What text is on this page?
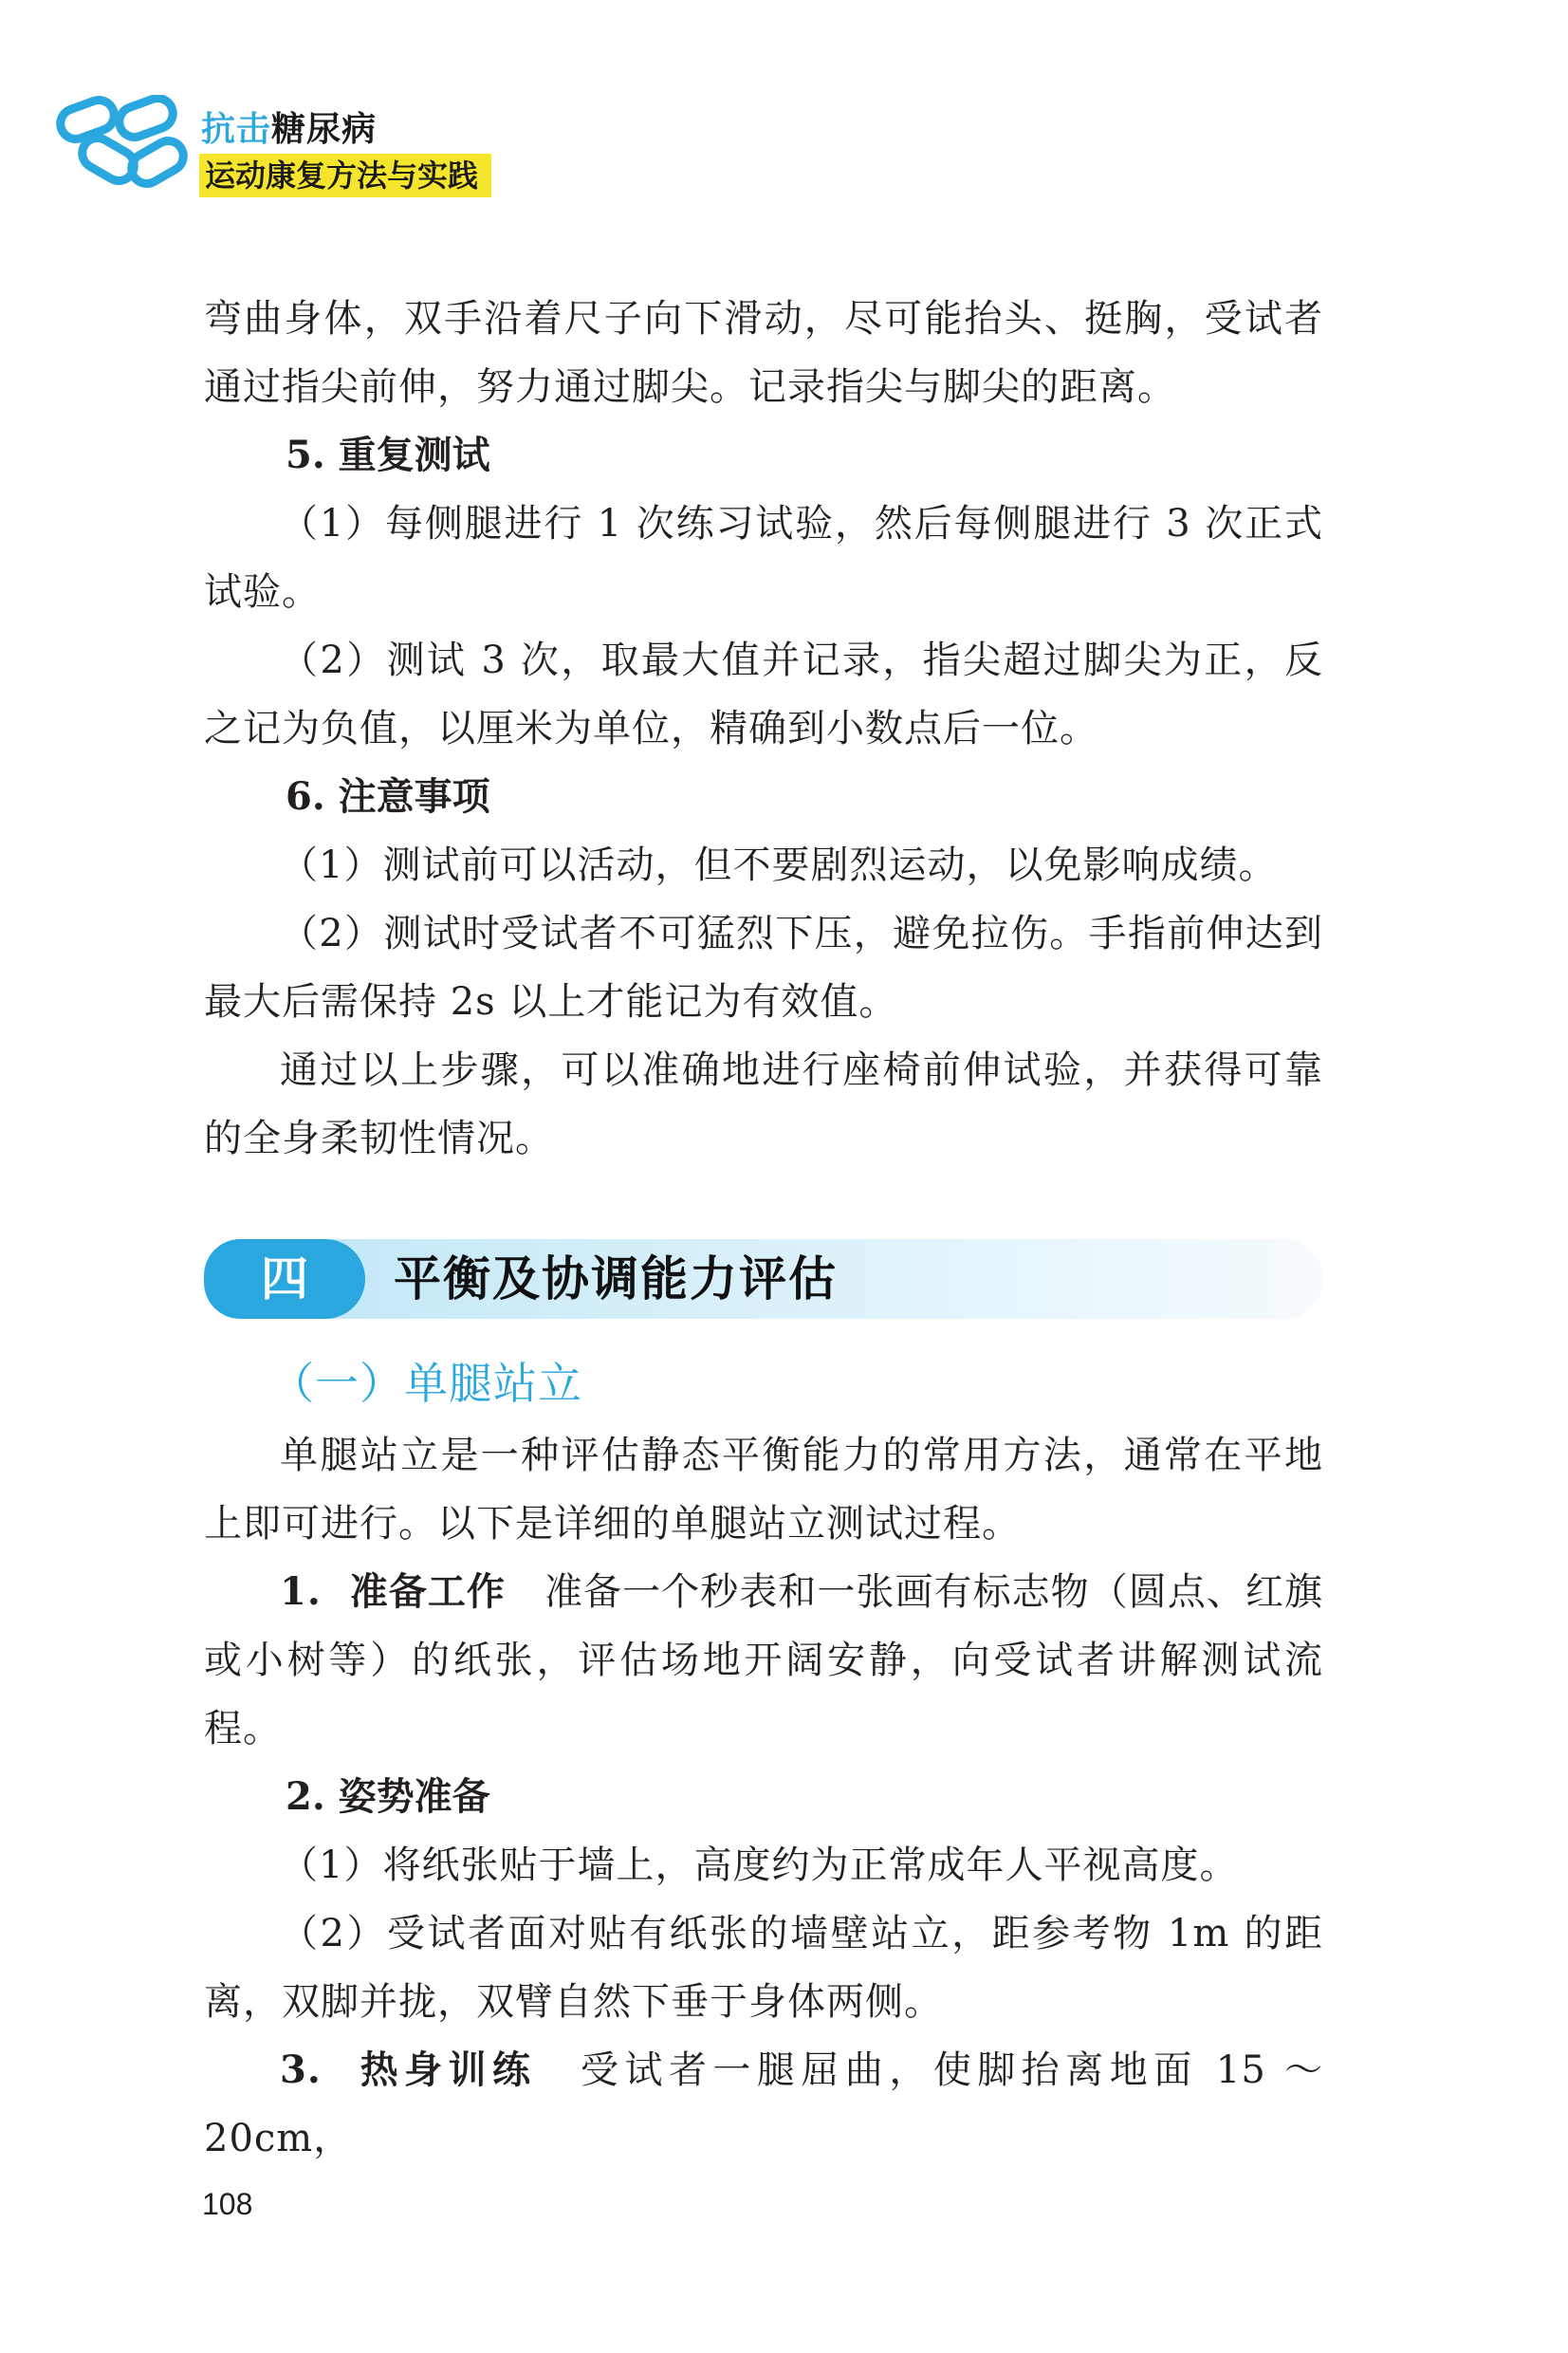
抗击糖尿病
运动康复方法与实践

弯曲身体，双手沿着尺子向下滑动，尽可能抬头、挺胸，受试者通过指尖前伸，努力通过脚尖。记录指尖与脚尖的距离。

5. 重复测试

（1）每侧腿进行 1 次练习试验，然后每侧腿进行 3 次正式试验。

（2）测试 3 次，取最大值并记录，指尖超过脚尖为正，反之记为负值，以厘米为单位，精确到小数点后一位。

6. 注意事项

（1）测试前可以活动，但不要剧烈运动，以免影响成绩。

（2）测试时受试者不可猛烈下压，避免拉伤。手指前伸达到最大后需保持 2s 以上才能记为有效值。

通过以上步骤，可以准确地进行座椅前伸试验，并获得可靠的全身柔韧性情况。

四	平衡及协调能力评估

（一）单腿站立

单腿站立是一种评估静态平衡能力的常用方法，通常在平地上即可进行。以下是详细的单腿站立测试过程。

1.  准备工作　准备一个秒表和一张画有标志物（圆点、红旗或小树等）的纸张，评估场地开阔安静，向受试者讲解测试流程。

2. 姿势准备

（1）将纸张贴于墙上，高度约为正常成年人平视高度。

（2）受试者面对贴有纸张的墙壁站立，距参考物 1m 的距离，双脚并拢，双臂自然下垂于身体两侧。

3.  热身训练　受试者一腿屈曲，使脚抬离地面 15 ～ 20cm，

108
